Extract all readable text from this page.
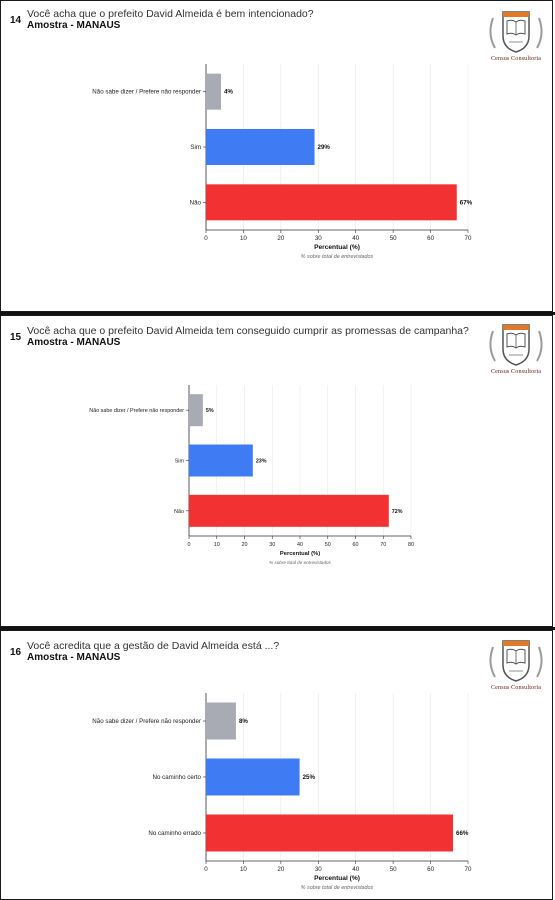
14
Você acha que o prefeito David Almeida é bem intencionado?
Amostra - MANAUS
Census Consultoria
4%
Não sabe dizer / Prefere não responder
29%
Sim
67%
Não
0	10	20	30	40	50	60	70
Percentual (%)
% sobre total de entrevistados
15
Você acha que o prefeito David Almeida tem conseguido cumprir as promessas de campanha?
Amostra - MANAUS
Census Consultoria
5%
Não sabe dizer / Prefere não responder
23%
Sim
72%
Não
0	10	20	30	40	50	60	70	80
Percentual (%)
% sobre total de entrevistados
16
Você acredita que a gestão de David Almeida está ...?
Amostra - MANAUS
Census Consultoria
8%
Não sabe dizer / Prefere não responder
25%
No caminho certo
66%
No caminho errado
0	10	20	30	40	50	60	70
Percentual (%)
% sobre total de entrevistados
